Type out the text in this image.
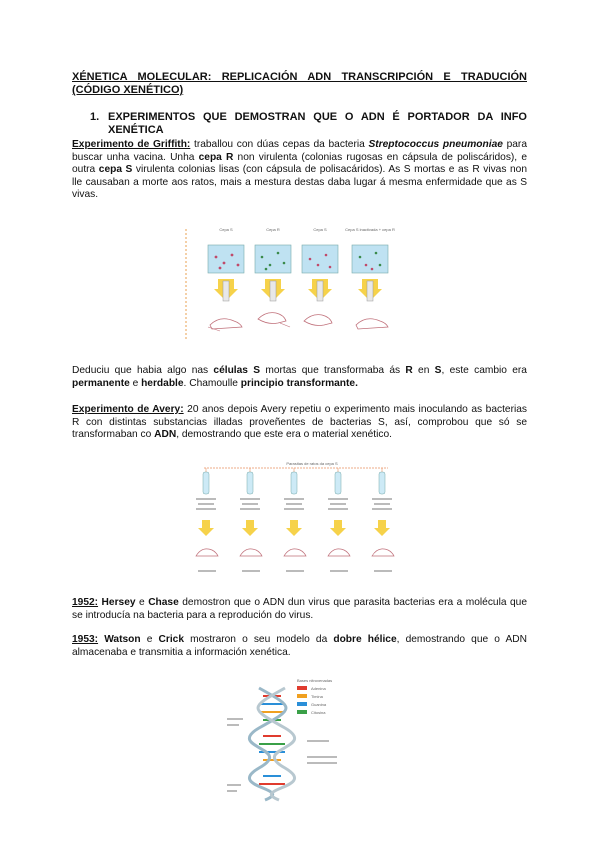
XÉNETICA MOLECULAR: REPLICACIÓN ADN TRANSCRIPCIÓN E TRADUCIÓN
(CÓDIGO XENÉTICO)
1. EXPERIMENTOS QUE DEMOSTRAN QUE O ADN É PORTADOR DA INFO
XENÉTICA

Experimento de Griffith: traballou con dúas cepas da bacteria Streptococcus pneumoniae para buscar unha vacina. Unha cepa R non virulenta (colonias rugosas en cápsula de poliscáridos), e outra cepa S virulenta colonias lisas (con cápsula de polisacáridos). As S mortas e as R vivas non lle causaban a morte aos ratos, mais a mestura destas daba lugar á mesma enfermidade que as S vivas.

Cepa S	Cepa R	Cepa S	Cepa S inactivada + cepa R

Deduciu que habia algo nas células S mortas que transformaba ás R en S, este cambio era permanente e herdable. Chamoulle principio transformante.

Experimento de Avery: 20 anos depois Avery repetiu o experimento mais inoculando as bacterias R con distintas substancias illadas proveñentes de bacterias S, así, comprobou que só se transformaban co ADN, demostrando que este era o material xenético.

Parasitas de ratos da cepa S

1952: Hersey e Chase demostron que o ADN dun virus que parasita bacterias era a molécula que se introducía na bacteria para a reprodución do virus.

1953: Watson e Crick mostraron o seu modelo da dobre hélice, demostrando que o ADN almacenaba e transmitia a información xenética.

Bases nitroxenadas
Adenina
Timina
Guanina
Citosina
